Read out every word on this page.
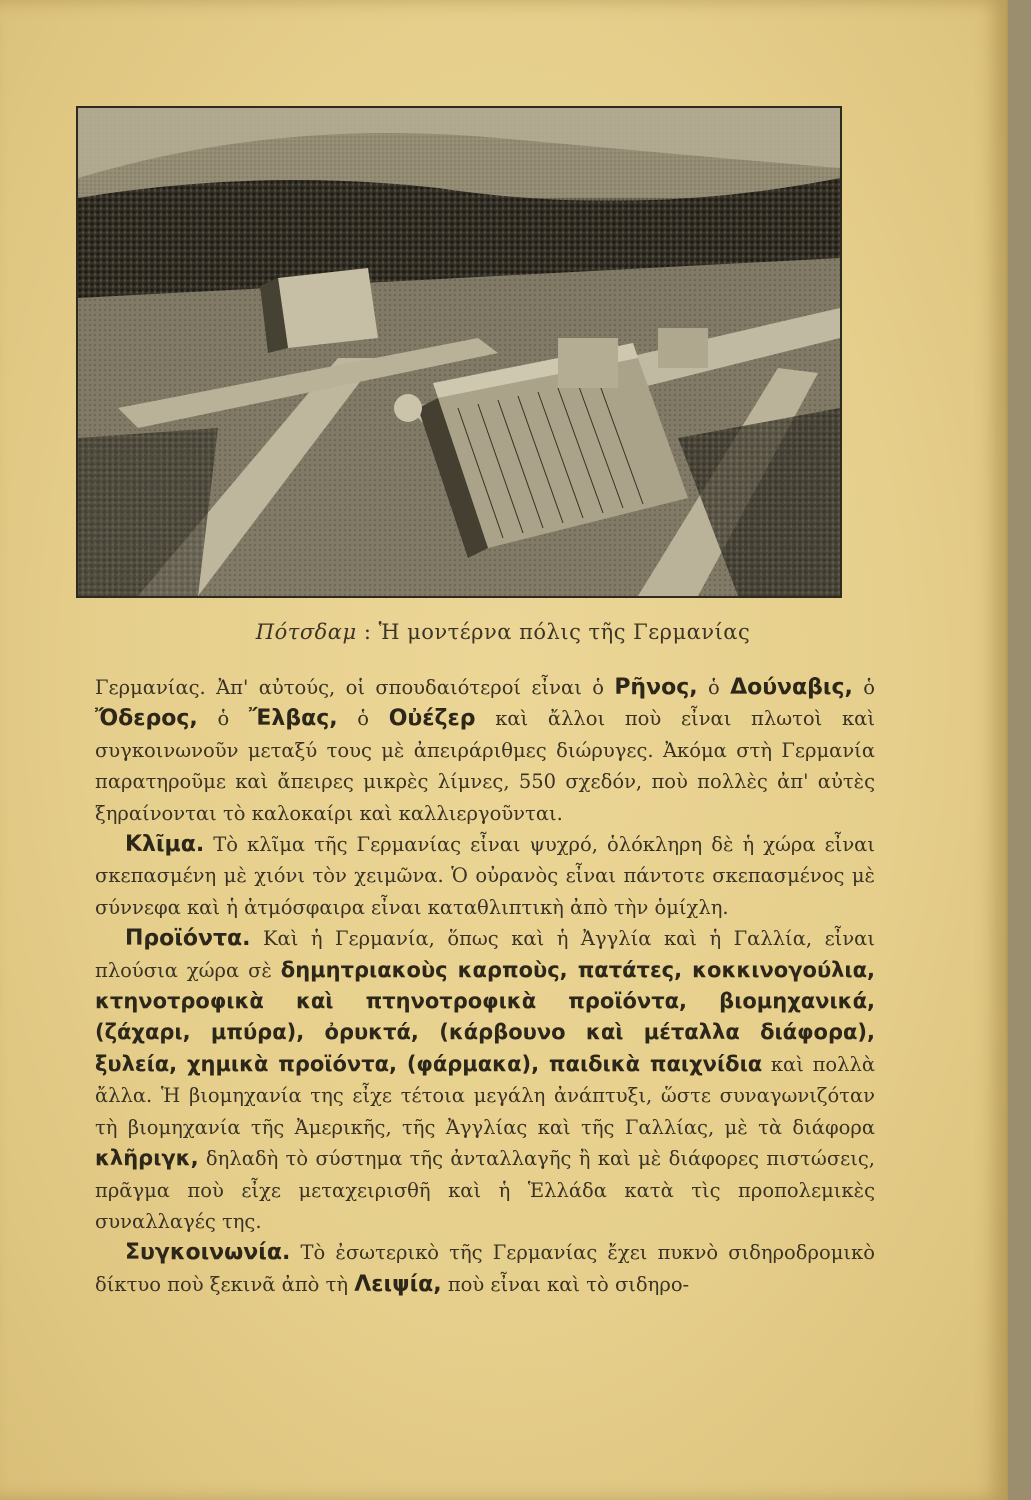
Πότσδαμ : Ἡ μοντέρνα πόλις τῆς Γερμανίας

Γερμανίας. Ἀπ' αὐτούς, οἱ σπουδαιότεροί εἶναι ὁ Ρῆνος, ὁ Δούναβις, ὁ Ὄδερος, ὁ Ἔλβας, ὁ Οὐέζερ καὶ ἄλλοι ποὺ εἶναι πλωτοὶ καὶ συγκοινωνοῦν μεταξύ τους μὲ ἀπειράριθμες διώρυγες. Ἀκόμα στὴ Γερμανία παρατηροῦμε καὶ ἄπειρες μικρὲς λίμνες, 550 σχεδόν, ποὺ πολλὲς ἀπ' αὐτὲς ξηραίνονται τὸ καλοκαίρι καὶ καλλιεργοῦνται.

Κλῖμα. Τὸ κλῖμα τῆς Γερμανίας εἶναι ψυχρό, ὁλόκληρη δὲ ἡ χώρα εἶναι σκεπασμένη μὲ χιόνι τὸν χειμῶνα. Ὁ οὐρανὸς εἶναι πάντοτε σκεπασμένος μὲ σύννεφα καὶ ἡ ἀτμόσφαιρα εἶναι καταθλιπτικὴ ἀπὸ τὴν ὁμίχλη.

Προϊόντα. Καὶ ἡ Γερμανία, ὅπως καὶ ἡ Ἀγγλία καὶ ἡ Γαλλία, εἶναι πλούσια χώρα σὲ δημητριακοὺς καρποὺς, πατάτες, κοκκινογούλια, κτηνοτροφικὰ καὶ πτηνοτροφικὰ προϊόντα, βιομηχανικά, (ζάχαρι, μπύρα), ὀρυκτά, (κάρβουνο καὶ μέταλλα διάφορα), ξυλεία, χημικὰ προϊόντα, (φάρμακα), παιδικὰ παιχνίδια καὶ πολλὰ ἄλλα. Ἡ βιομηχανία της εἶχε τέτοια μεγάλη ἀνάπτυξι, ὥστε συναγωνιζόταν τὴ βιομηχανία τῆς Ἀμερικῆς, τῆς Ἀγγλίας καὶ τῆς Γαλλίας, μὲ τὰ διάφορα κλῆριγκ, δηλαδὴ τὸ σύστημα τῆς ἀνταλλαγῆς ἢ καὶ μὲ διάφορες πιστώσεις, πρᾶγμα ποὺ εἶχε μεταχειρισθῆ καὶ ἡ Ἑλλάδα κατὰ τὶς προπολεμικὲς συναλλαγές της.

Συγκοινωνία. Τὸ ἐσωτερικὸ τῆς Γερμανίας ἔχει πυκνὸ σιδηροδρομικὸ δίκτυο ποὺ ξεκινᾶ ἀπὸ τὴ Λειψία, ποὺ εἶναι καὶ τὸ σιδηρο-
